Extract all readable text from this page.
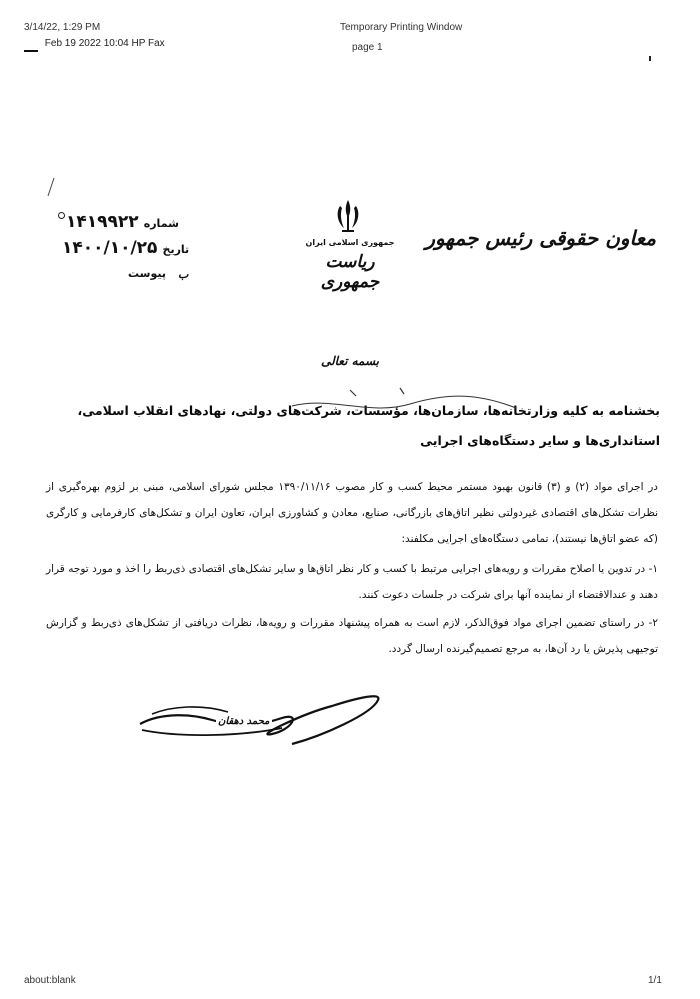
3/14/22, 1:29 PM	Temporary Printing Window
page 1
Feb 19 2022 10:04 HP Fax
معاون حقوقی رئیس جمهور
جمهوری اسلامی ایران
ریاست جمهوری
شماره ۱۴۱۹۹۲۲
تاریخ ۱۴۰۰/۱۰/۲۵
پیوست ب
بسمه تعالی
بخشنامه به کلیه وزارتخانه‌ها، سازمان‌ها، مؤسسات، شرکت‌های دولتی، نهادهای انقلاب اسلامی،
استانداری‌ها و سایر دستگاه‌های اجرایی

در اجرای مواد (۲) و (۳) قانون بهبود مستمر محیط کسب و کار مصوب ۱۳۹۰/۱۱/۱۶ مجلس شورای اسلامی، مبنی بر لزوم بهره‌گیری از نظرات تشکل‌های اقتصادی غیردولتی نظیر اتاق‌های بازرگانی، صنایع، معادن و کشاورزی ایران، تعاون ایران و تشکل‌های کارفرمایی و کارگری (که عضو اتاق‌ها نیستند)، تمامی دستگاه‌های اجرایی مکلفند:

۱- در تدوین یا اصلاح مقررات و رویه‌های اجرایی مرتبط با کسب و کار نظر اتاق‌ها و سایر تشکل‌های اقتصادی ذی‌ربط را اخذ و مورد توجه قرار دهند و عندالاقتضاء از نماینده آنها برای شرکت در جلسات دعوت کنند.

۲- در راستای تضمین اجرای مواد فوق‌الذکر، لازم است به همراه پیشنهاد مقررات و رویه‌ها، نظرات دریافتی از تشکل‌های ذی‌ربط و گزارش توجیهی پذیرش یا رد آن‌ها، به مرجع تصمیم‌گیرنده ارسال گردد.

محمد دهقان
about:blank	1/1
